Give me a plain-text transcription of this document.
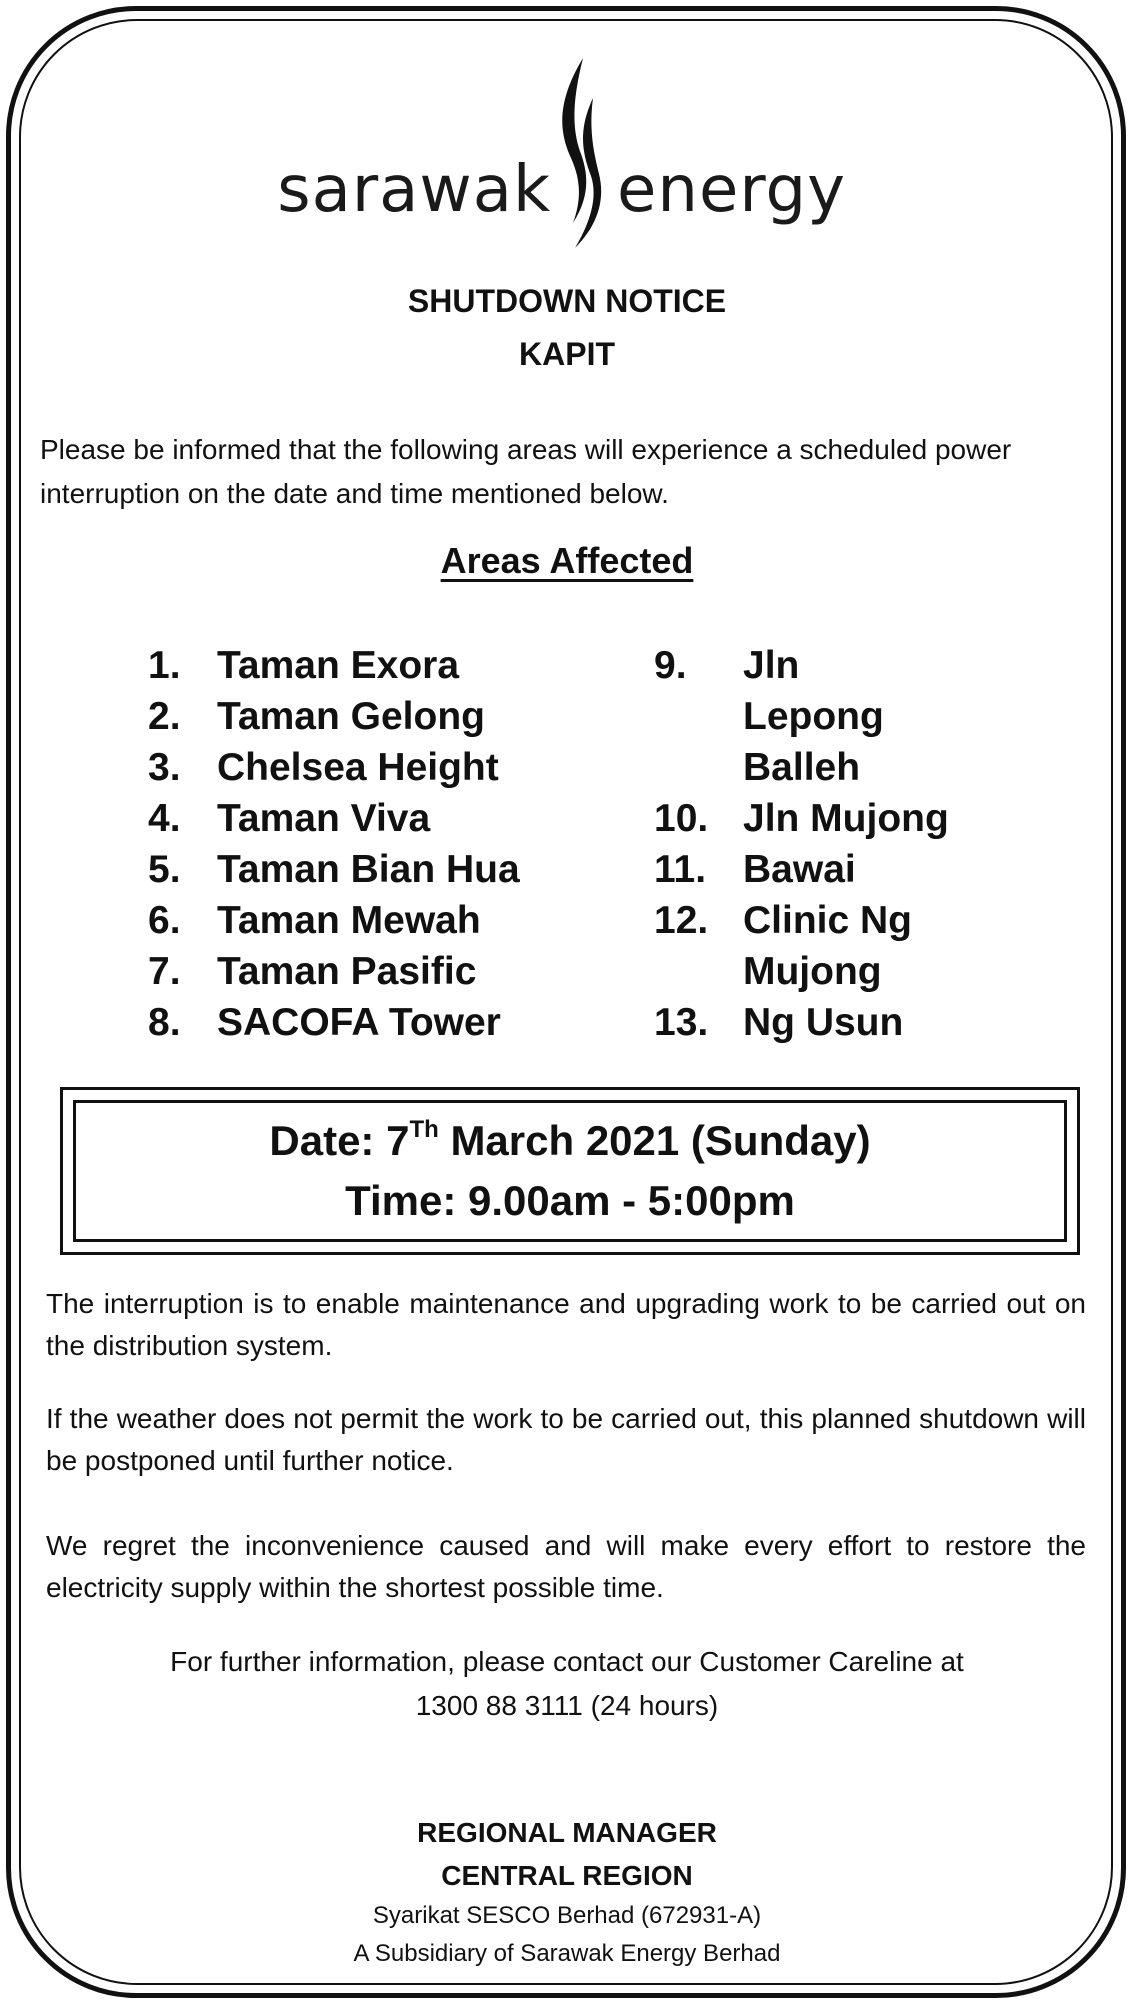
sarawak energy
SHUTDOWN NOTICE
KAPIT

Please be informed that the following areas will experience a scheduled power interruption on the date and time mentioned below.

Areas Affected
1. Taman Exora
2. Taman Gelong
3. Chelsea Height
4. Taman Viva
5. Taman Bian Hua
6. Taman Mewah
7. Taman Pasific
8. SACOFA Tower
9.	Jln Lepong Balleh
10. Jln Mujong
11. Bawai
12. Clinic Ng Mujong
13. Ng Usun
Date: 7Th March 2021 (Sunday)
Time: 9.00am - 5:00pm

The interruption is to enable maintenance and upgrading work to be carried out on the distribution system.

If the weather does not permit the work to be carried out, this planned shutdown will be postponed until further notice.

We regret the inconvenience caused and will make every effort to restore the electricity supply within the shortest possible time.

For further information, please contact our Customer Careline at
1300 88 3111 (24 hours)
REGIONAL MANAGER
CENTRAL REGION
Syarikat SESCO Berhad (672931-A)
A Subsidiary of Sarawak Energy Berhad
